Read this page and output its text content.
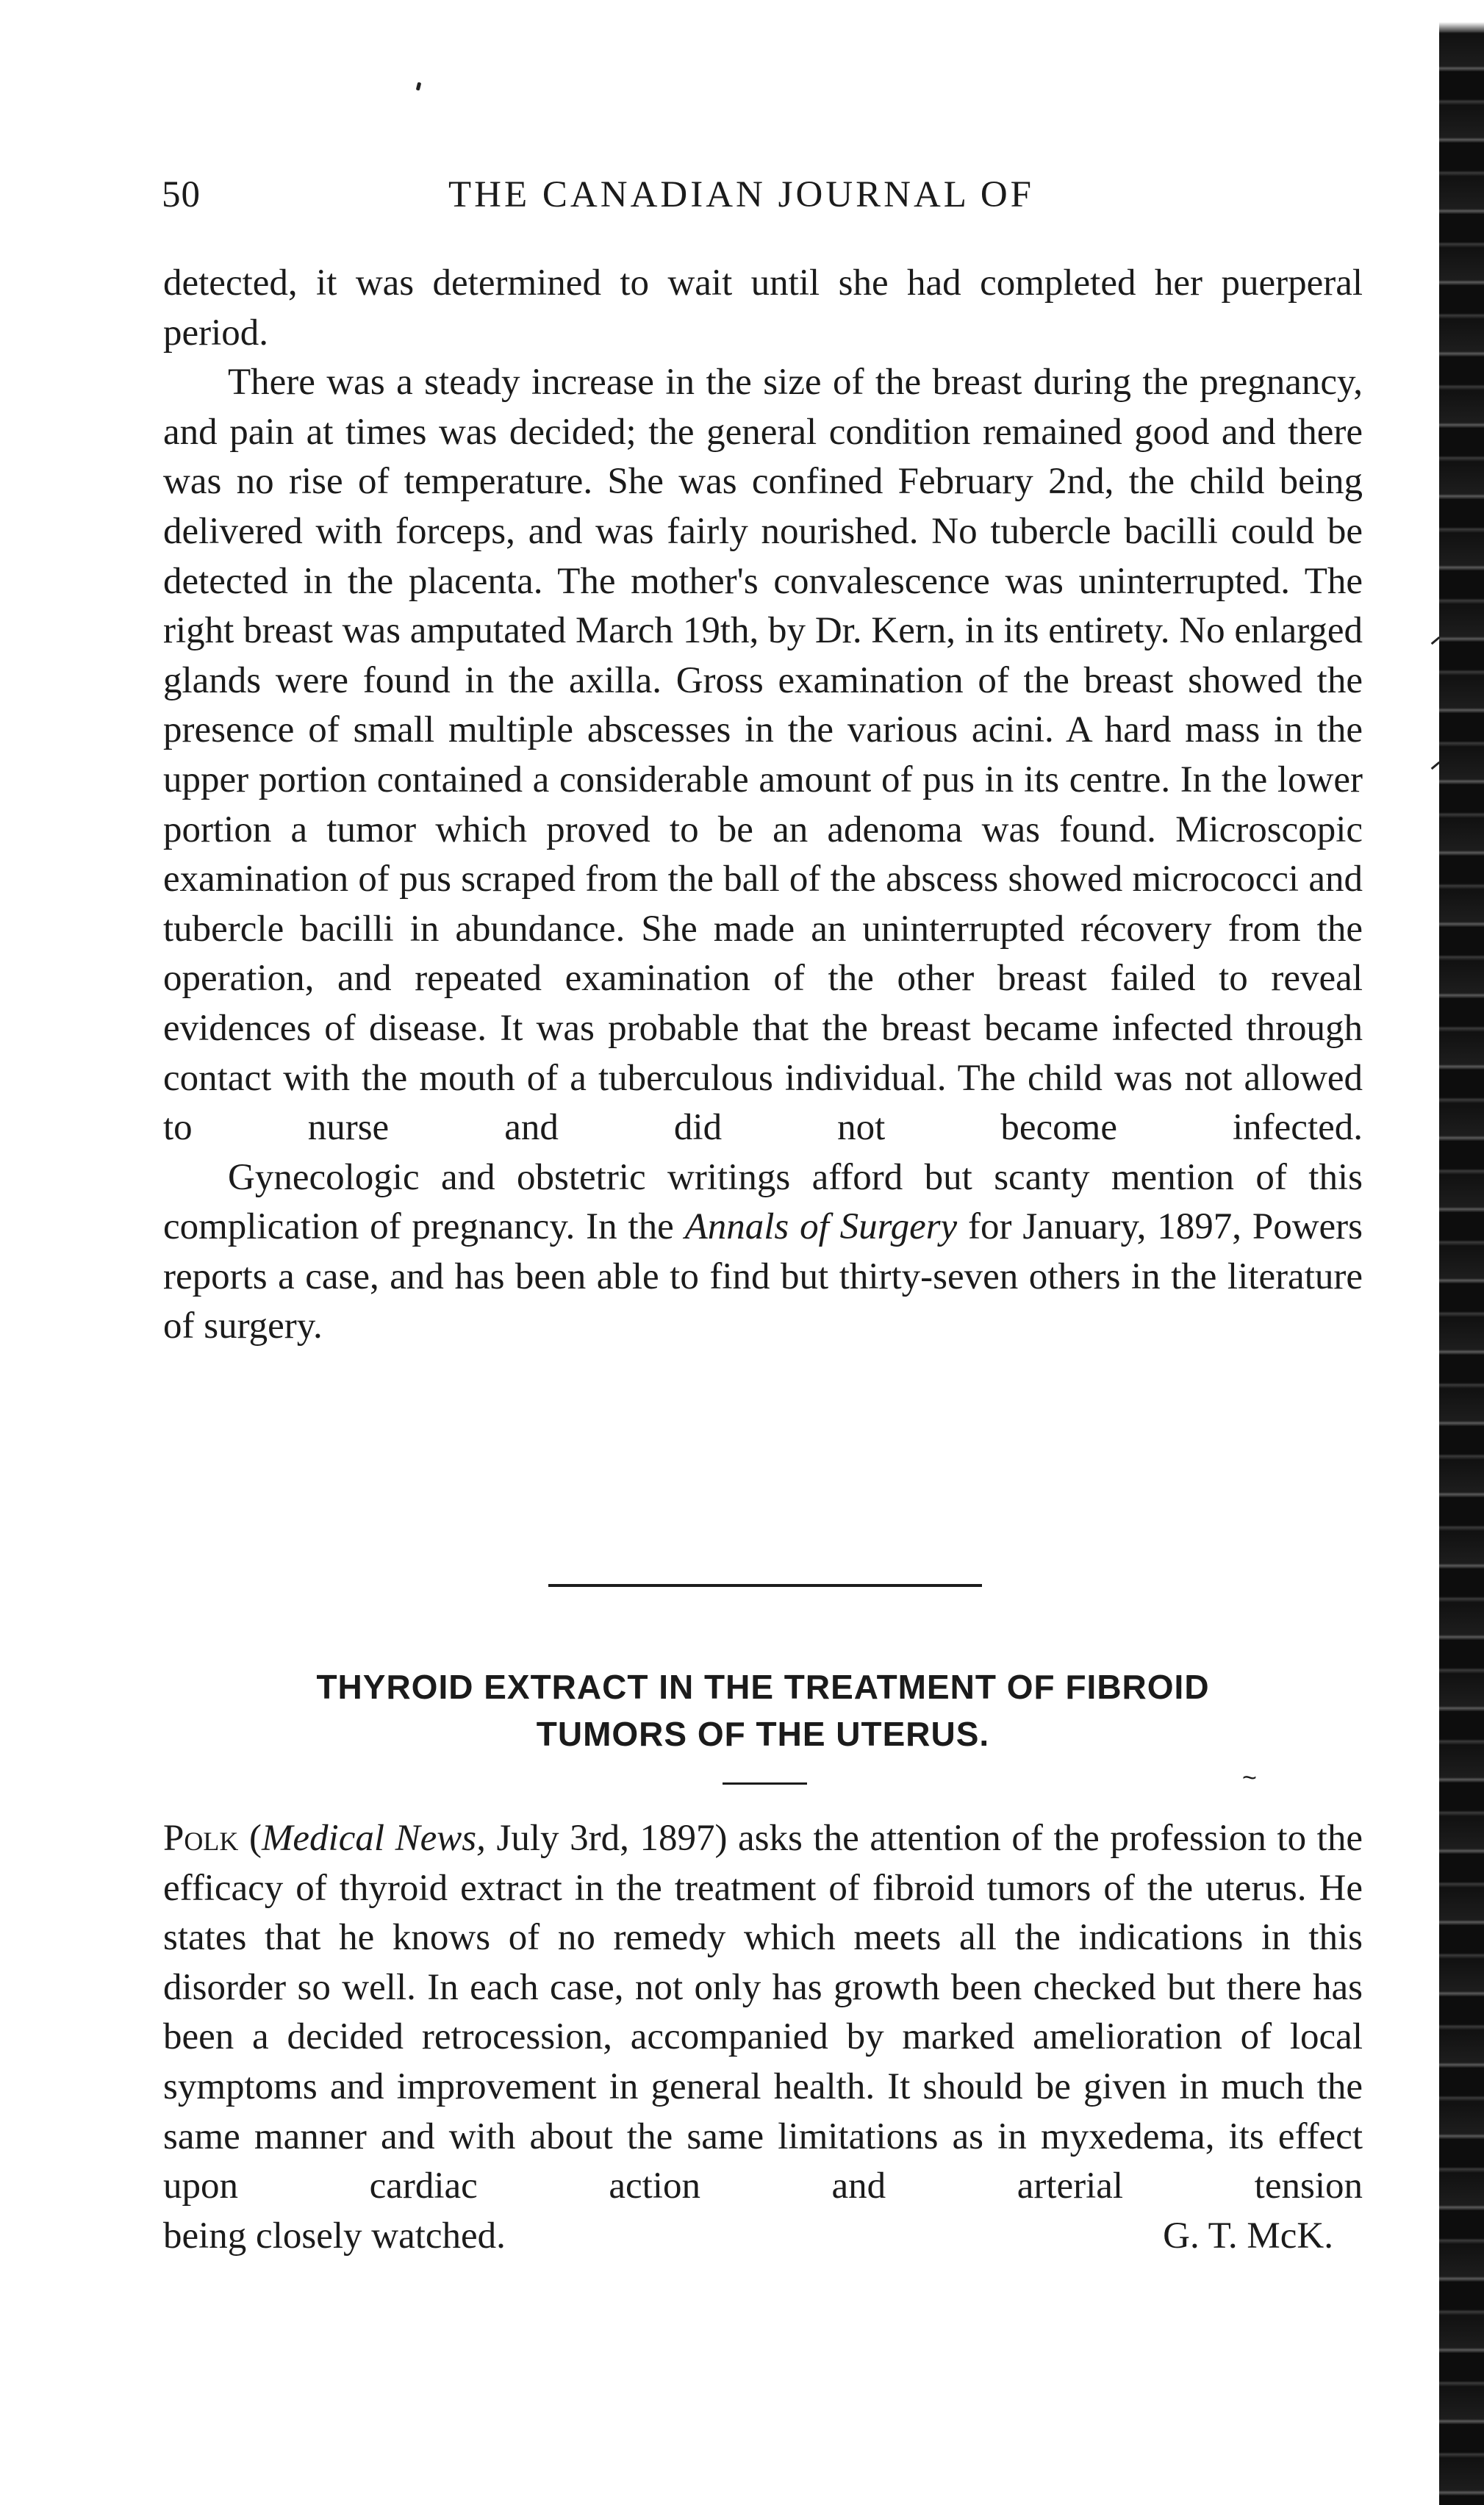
50	THE CANADIAN JOURNAL OF

detected, it was determined to wait until she had completed her puerperal period.

There was a steady increase in the size of the breast during the pregnancy, and pain at times was decided; the general condition remained good and there was no rise of temperature. She was confined February 2nd, the child being delivered with forceps, and was fairly nourished. No tubercle bacilli could be detected in the placenta. The mother's convalescence was uninterrupted. The right breast was amputated March 19th, by Dr. Kern, in its entirety. No enlarged glands were found in the axilla. Gross examination of the breast showed the presence of small multiple abscesses in the various acini. A hard mass in the upper portion contained a considerable amount of pus in its centre. In the lower portion a tumor which proved to be an adenoma was found. Microscopic examination of pus scraped from the ball of the abscess showed micrococci and tubercle bacilli in abundance. She made an uninterrupted récovery from the operation, and repeated examination of the other breast failed to reveal evidences of disease. It was probable that the breast became infected through contact with the mouth of a tuberculous individual. The child was not allowed to nurse and did not become infected.

Gynecologic and obstetric writings afford but scanty mention of this complication of pregnancy. In the Annals of Surgery for January, 1897, Powers reports a case, and has been able to find but thirty-seven others in the literature of surgery.

THYROID EXTRACT IN THE TREATMENT OF FIBROID
TUMORS OF THE UTERUS.
~

Polk (Medical News, July 3rd, 1897) asks the attention of the profession to the efficacy of thyroid extract in the treatment of fibroid tumors of the uterus. He states that he knows of no remedy which meets all the indications in this disorder so well. In each case, not only has growth been checked but there has been a decided retrocession, accompanied by marked amelioration of local symptoms and improvement in general health. It should be given in much the same manner and with about the same limitations as in myxedema, its effect upon cardiac action and arterial tension

being closely watched.	G. T. McK.
